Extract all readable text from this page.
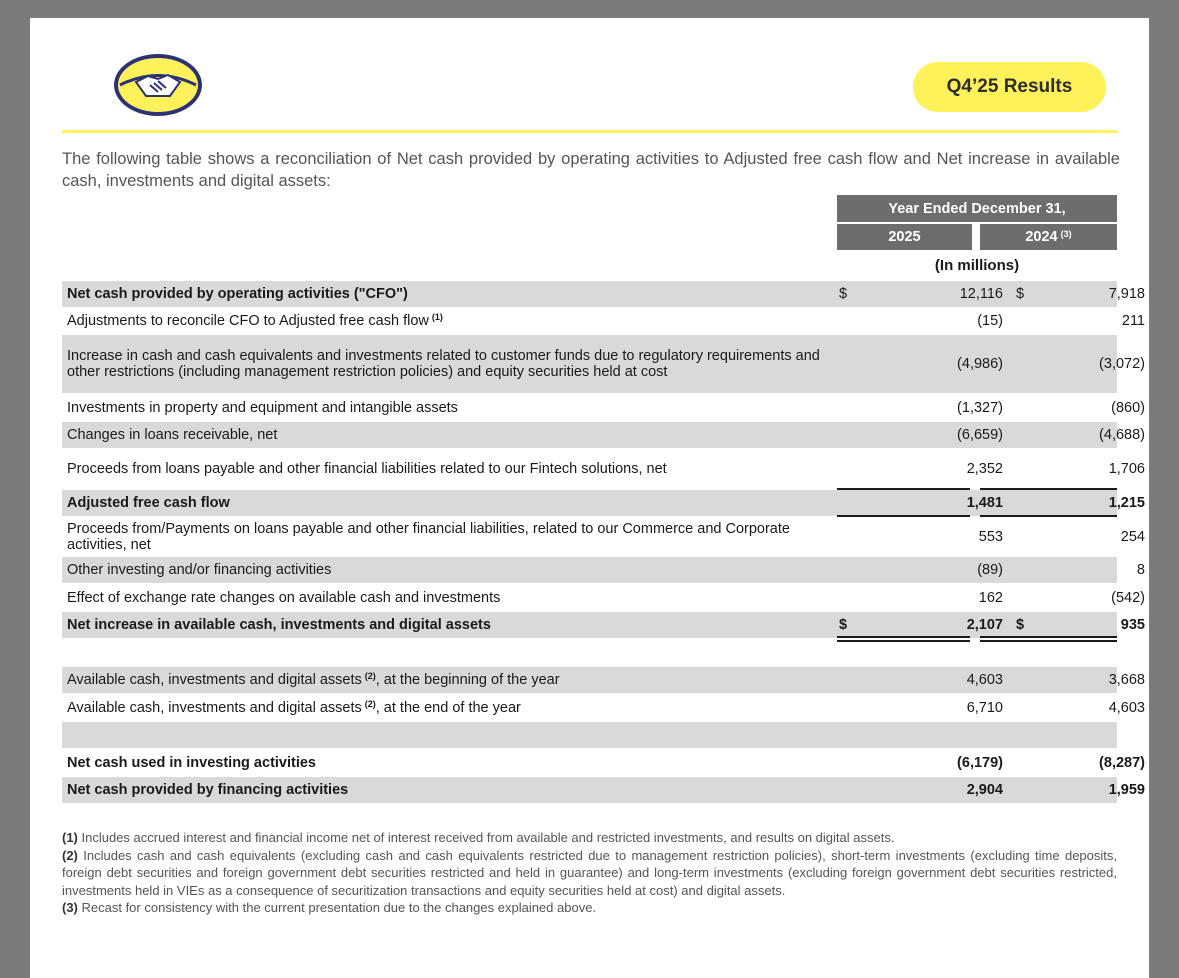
Q4’25 Results
The following table shows a reconciliation of Net cash provided by operating activities to Adjusted free cash flow and Net increase in available cash, investments and digital assets:
Year Ended December 31,
2025	2024 $^{(3)}$
(In millions)
Net cash provided by operating activities ("CFO")	$	12,116 $	7,918
Adjustments to reconcile CFO to Adjusted free cash flow $^{(1)}$	(15)	211
Increase in cash and cash equivalents and investments related to customer funds due to regulatory requirements and other restrictions (including management restriction policies) and equity securities held at cost	(4,986)	(3,072)
Investments in property and equipment and intangible assets	(1,327)	(860)
Changes in loans receivable, net	(6,659)	(4,688)
Proceeds from loans payable and other financial liabilities related to our Fintech solutions, net	2,352	1,706
Adjusted free cash flow	1,481	1,215
Proceeds from/Payments on loans payable and other financial liabilities, related to our Commerce and Corporate activities, net	553	254
Other investing and/or financing activities	(89)	8
Effect of exchange rate changes on available cash and investments	162	(542)
Net increase in available cash, investments and digital assets	$	2,107 $	935
Available cash, investments and digital assets $^{(2)}$ , at the beginning of the year	4,603	3,668
Available cash, investments and digital assets $^{(2)}$ , at the end of the year	6,710	4,603
Net cash used in investing activities	(6,179)	(8,287)
Net cash provided by financing activities	2,904	1,959
(1) Includes accrued interest and financial income net of interest received from available and restricted investments, and results on digital assets.
(2) Includes cash and cash equivalents (excluding cash and cash equivalents restricted due to management restriction policies), short-term investments (excluding time deposits, foreign debt securities and foreign government debt securities restricted and held in guarantee) and long-term investments (excluding foreign government debt securities restricted, investments held in VIEs as a consequence of securitization transactions and equity securities held at cost) and digital assets.
(3) Recast for consistency with the current presentation due to the changes explained above.
